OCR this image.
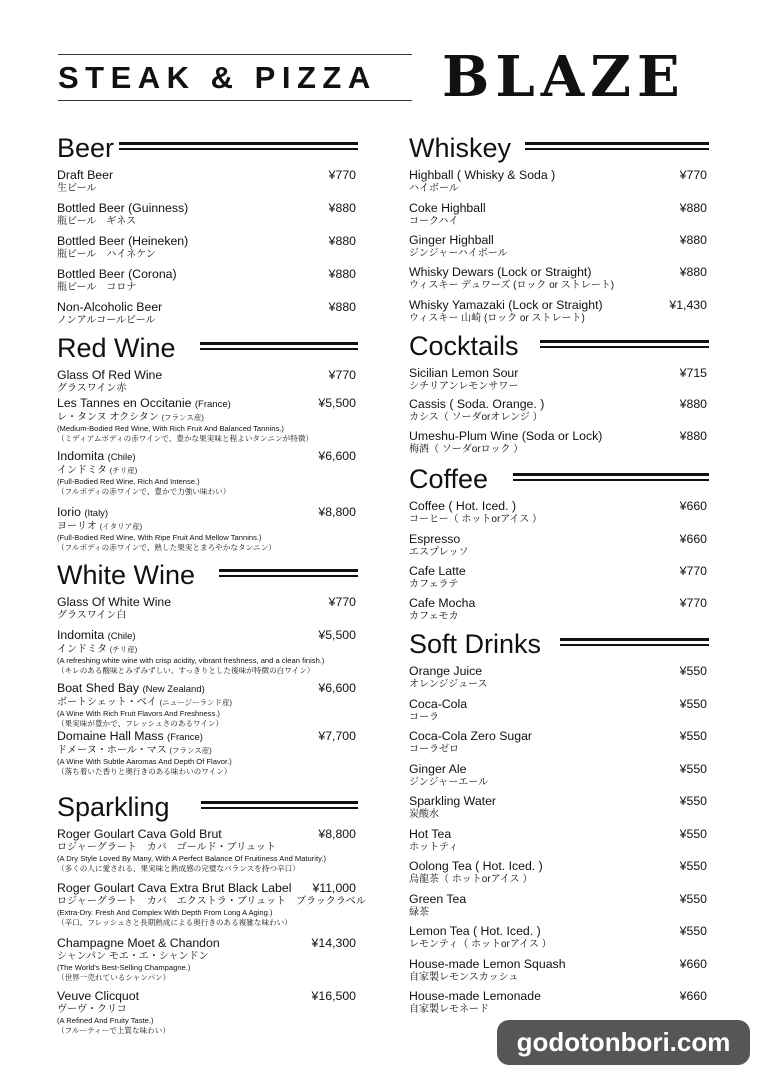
STEAK & PIZZA	BLAZE
Beer
Draft Beer
生ビール
¥770
Bottled Beer (Guinness)
瓶ビール　ギネス
¥880
Bottled Beer (Heineken)
瓶ビール　ハイネケン
¥880
Bottled Beer (Corona)
瓶ビール　コロナ
¥880
Non-Alcoholic Beer
ノンアルコールビール
¥880
Red Wine
Glass Of Red Wine
グラスワイン赤
¥770
Les Tannes en Occitanie (France)
レ・タンヌ オクシタン (フランス産)
(Medium-Bodied Red Wine, With Rich Fruit And Balanced Tannins.)
（ミディアムボディの赤ワインで、豊かな果実味と程よいタンニンが特徴）
¥5,500
Indomita (Chile)
インドミタ (チリ産)
(Full-Bodied Red Wine, Rich And Intense.)
（フルボディの赤ワインで、豊かで力強い味わい）
¥6,600
Iorio (Italy)
ヨーリオ (イタリア産)
(Full-Bodied Red Wine, With Ripe Fruit And Mellow Tannins.)
（フルボディの赤ワインで、熟した果実とまろやかなタンニン）
¥8,800
White Wine
Glass Of White Wine
グラスワイン白
¥770
Indomita (Chile)
インドミタ (チリ産)
(A refreshing white wine with crisp acidity, vibrant freshness, and a clean finish.)
（キレのある酸味とみずみずしい、すっきりとした後味が特徴の白ワイン）
¥5,500
Boat Shed Bay (New Zealand)
ボートシェット・ベイ (ニュージーランド産)
(A Wine With Rich Fruit Flavors And Freshness.)
（果実味が豊かで、フレッシュさのあるワイン）
¥6,600
Domaine Hall Mass (France)
ドメーヌ・ホール・マス (フランス産)
(A Wine With Subtle Aaromas And Depth Of Flavor.)
（落ち着いた香りと奥行きのある味わいのワイン）
¥7,700
Sparkling
Roger Goulart Cava Gold Brut
ロジャーグラート　カバ　ゴールド・ブリュット
(A Dry Style Loved By Many, With A Perfect Balance Of Fruitiness And Maturity.)
（多くの人に愛される、果実味と熟成感の完璧なバランスを持つ辛口）
¥8,800
Roger Goulart Cava Extra Brut Black Label
ロジャーグラート　カバ　エクストラ・ブリュット　ブラックラベル
(Extra-Dry. Fresh And Complex With Depth From Long A Aging.)
（辛口。フレッシュさと長期熟成による奥行きのある複雑な味わい）
¥11,000
Champagne Moet & Chandon
シャンパン モエ・エ・シャンドン
(The World's Best-Selling Champagne.)
（世界一売れているシャンパン）
¥14,300
Veuve Clicquot
ヴーヴ・クリコ
(A Refined And Fruity Taste.)
（フルーティーで上質な味わい）
¥16,500
Whiskey
Highball ( Whisky & Soda )
ハイボール
¥770
Coke Highball
コークハイ
¥880
Ginger Highball
ジンジャーハイボール
¥880
Whisky Dewars (Lock or Straight)
ウィスキー デュワーズ (ロック or ストレート)
¥880
Whisky Yamazaki (Lock or Straight)
ウィスキー 山崎 (ロック or ストレート)
¥1,430
Cocktails
Sicilian Lemon Sour
シチリアンレモンサワー
¥715
Cassis ( Soda. Orange. )
カシス（ ソーダorオレンジ ）
¥880
Umeshu-Plum Wine (Soda or Lock)
梅酒（ ソーダorロック ）
¥880
Coffee
Coffee ( Hot. Iced. )
コーヒー（ ホットorアイス ）
¥660
Espresso
エスプレッソ
¥660
Cafe Latte
カフェラテ
¥770
Cafe Mocha
カフェモカ
¥770
Soft Drinks
Orange Juice
オレンジジュース
¥550
Coca-Cola
コーラ
¥550
Coca-Cola Zero Sugar
コーラゼロ
¥550
Ginger Ale
ジンジャーエール
¥550
Sparkling Water
炭酸水
¥550
Hot Tea
ホットティ
¥550
Oolong Tea ( Hot. Iced. )
烏龍茶（ ホットorアイス ）
¥550
Green Tea
緑茶
¥550
Lemon Tea ( Hot. Iced. )
レモンティ（ ホットorアイス ）
¥550
House-made Lemon Squash
自家製レモンスカッシュ
¥660
House-made Lemonade
自家製レモネード
¥660
godotonbori.com
